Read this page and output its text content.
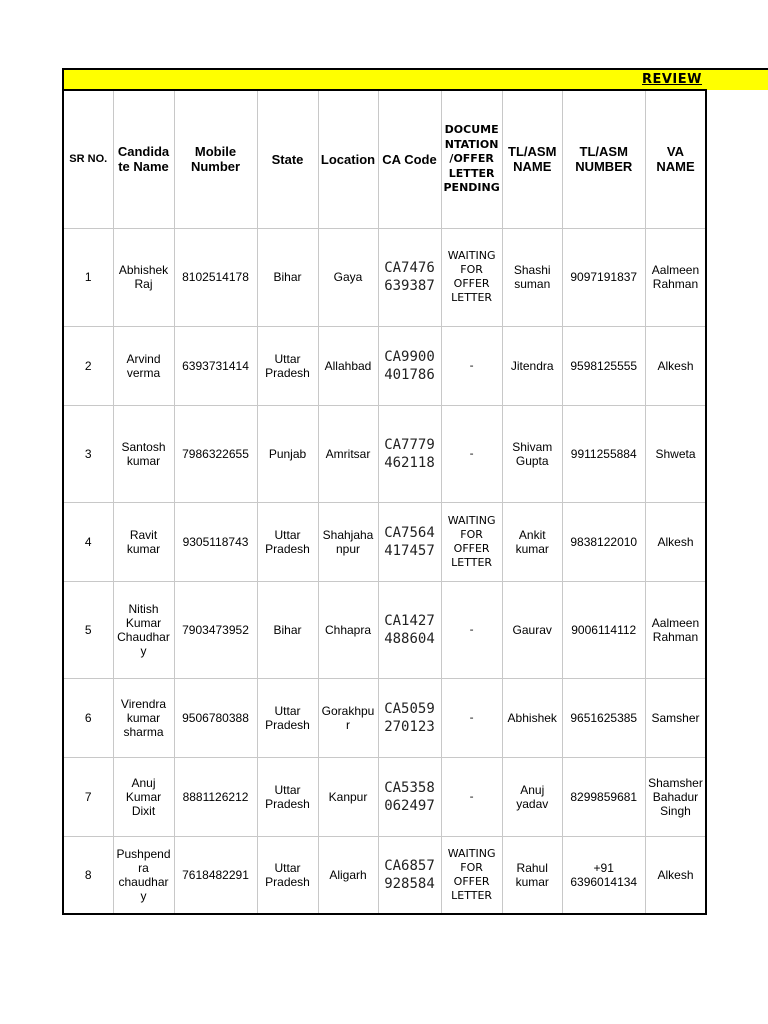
REVIEW
SR NO.	Candida te Name	Mobile Number	State	Location	CA Code	DOCUME NTATION /OFFER LETTER PENDING	TL/ASM NAME	TL/ASM NUMBER	VA NAME
1	Abhishek Raj	8102514178	Bihar	Gaya	CA7476 639387	WAITING FOR OFFER LETTER	Shashi suman	9097191837	Aalmeen Rahman
2	Arvind verma	6393731414	Uttar Pradesh	Allahbad	CA9900 401786	-	Jitendra	9598125555	Alkesh
3	Santosh kumar	7986322655	Punjab	Amritsar	CA7779 462118	-	Shivam Gupta	9911255884	Shweta
4	Ravit kumar	9305118743	Uttar Pradesh	Shahjaha npur	CA7564 417457	WAITING FOR OFFER LETTER	Ankit kumar	9838122010	Alkesh
5	Nitish Kumar Chaudhar y	7903473952	Bihar	Chhapra	CA1427 488604	-	Gaurav	9006114112	Aalmeen Rahman
6	Virendra kumar sharma	9506780388	Uttar Pradesh	Gorakhpu r	CA5059 270123	-	Abhishek	9651625385	Samsher
7	Anuj Kumar Dixit	8881126212	Uttar Pradesh	Kanpur	CA5358 062497	-	Anuj yadav	8299859681	Shamsher Bahadur Singh
8	Pushpend ra chaudhar y	7618482291	Uttar Pradesh	Aligarh	CA6857 928584	WAITING FOR OFFER LETTER	Rahul kumar	+91 6396014134	Alkesh
